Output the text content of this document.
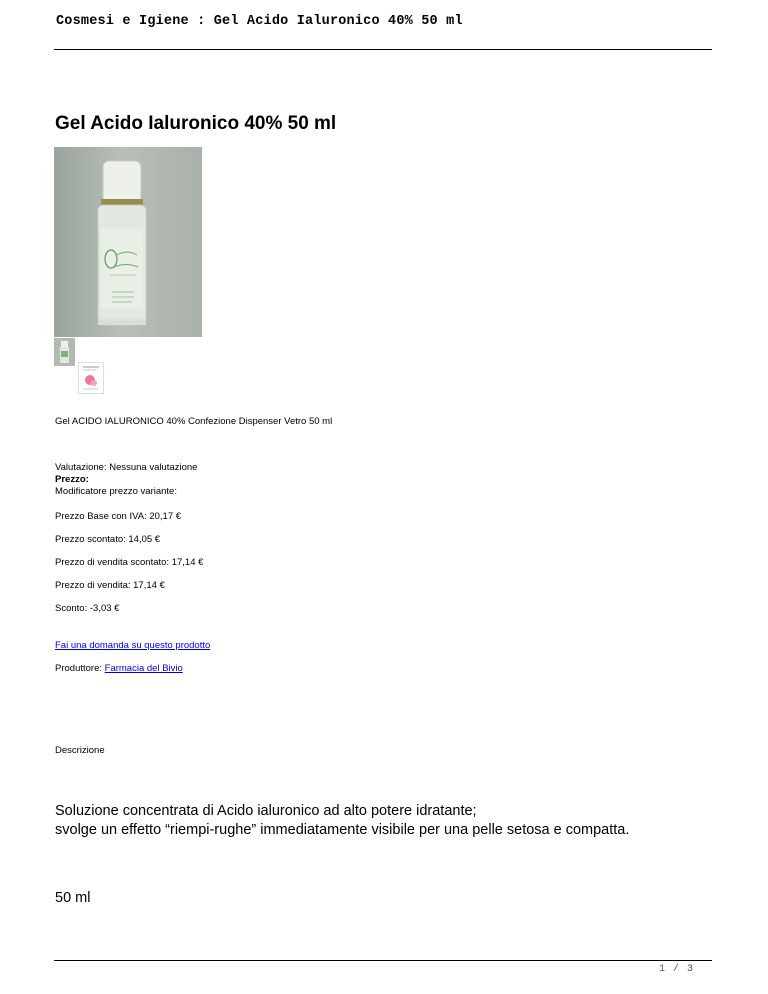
Cosmesi e Igiene : Gel Acido Ialuronico 40% 50 ml
Gel Acido Ialuronico 40% 50 ml
Gel ACIDO IALURONICO 40% Confezione Dispenser Vetro 50 ml
Valutazione: Nessuna valutazione
Prezzo:
Modificatore prezzo variante:
Prezzo Base con IVA: 20,17 €
Prezzo scontato: 14,05 €
Prezzo di vendita scontato: 17,14 €
Prezzo di vendita: 17,14 €
Sconto: -3,03 €
Fai una domanda su questo prodotto
Produttore: Farmacia del Bivio
Descrizione
Soluzione concentrata di Acido ialuronico ad alto potere idratante;
svolge un effetto “riempi-rughe” immediatamente visibile per una pelle setosa e compatta.
50 ml
1 / 3
